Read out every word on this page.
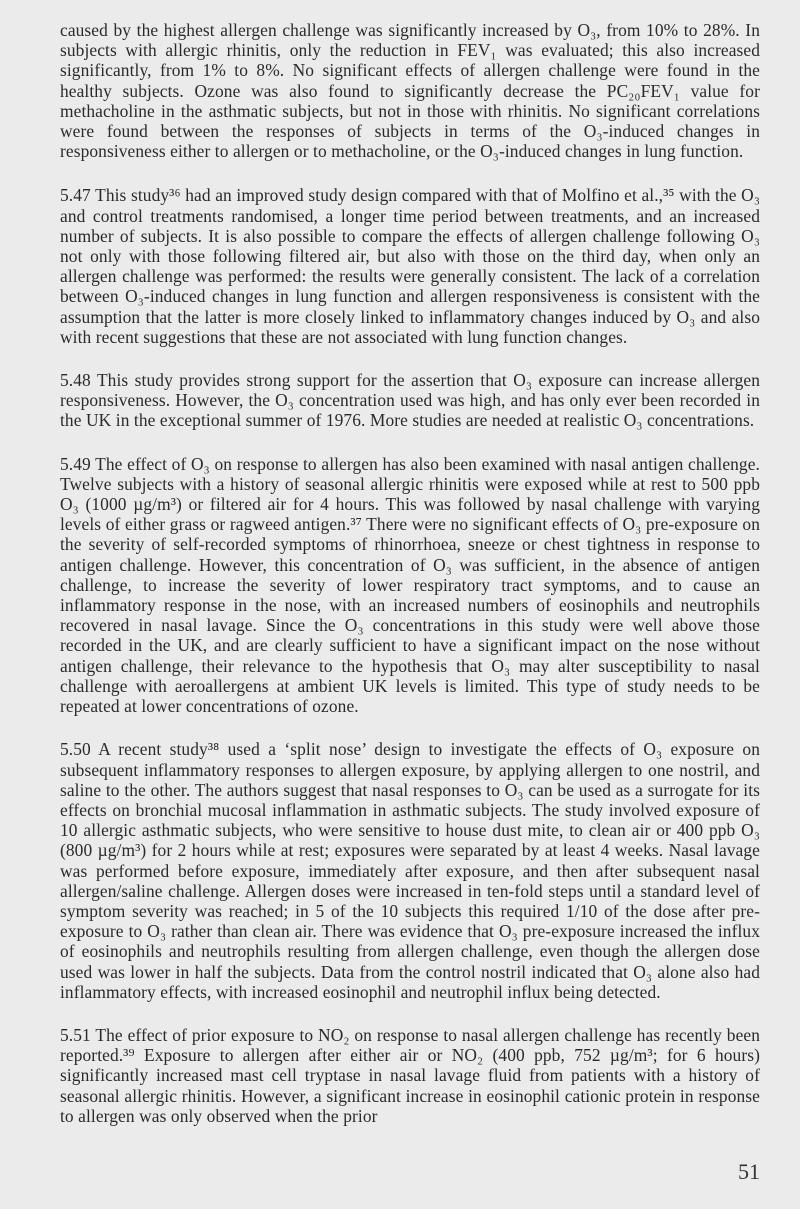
caused by the highest allergen challenge was significantly increased by O₃, from 10% to 28%. In subjects with allergic rhinitis, only the reduction in FEV₁ was evaluated; this also increased significantly, from 1% to 8%. No significant effects of allergen challenge were found in the healthy subjects. Ozone was also found to significantly decrease the PC₂₀FEV₁ value for methacholine in the asthmatic subjects, but not in those with rhinitis. No significant correlations were found between the responses of subjects in terms of the O₃-induced changes in responsiveness either to allergen or to methacholine, or the O₃-induced changes in lung function.

5.47 This study³⁶ had an improved study design compared with that of Molfino et al.,³⁵ with the O₃ and control treatments randomised, a longer time period between treatments, and an increased number of subjects. It is also possible to compare the effects of allergen challenge following O₃ not only with those following filtered air, but also with those on the third day, when only an allergen challenge was performed: the results were generally consistent. The lack of a correlation between O₃-induced changes in lung function and allergen responsiveness is consistent with the assumption that the latter is more closely linked to inflammatory changes induced by O₃ and also with recent suggestions that these are not associated with lung function changes.

5.48 This study provides strong support for the assertion that O₃ exposure can increase allergen responsiveness. However, the O₃ concentration used was high, and has only ever been recorded in the UK in the exceptional summer of 1976. More studies are needed at realistic O₃ concentrations.

5.49 The effect of O₃ on response to allergen has also been examined with nasal antigen challenge. Twelve subjects with a history of seasonal allergic rhinitis were exposed while at rest to 500 ppb O₃ (1000 µg/m³) or filtered air for 4 hours. This was followed by nasal challenge with varying levels of either grass or ragweed antigen.³⁷ There were no significant effects of O₃ pre-exposure on the severity of self-recorded symptoms of rhinorrhoea, sneeze or chest tightness in response to antigen challenge. However, this concentration of O₃ was sufficient, in the absence of antigen challenge, to increase the severity of lower respiratory tract symptoms, and to cause an inflammatory response in the nose, with an increased numbers of eosinophils and neutrophils recovered in nasal lavage. Since the O₃ concentrations in this study were well above those recorded in the UK, and are clearly sufficient to have a significant impact on the nose without antigen challenge, their relevance to the hypothesis that O₃ may alter susceptibility to nasal challenge with aeroallergens at ambient UK levels is limited. This type of study needs to be repeated at lower concentrations of ozone.

5.50 A recent study³⁸ used a ‘split nose’ design to investigate the effects of O₃ exposure on subsequent inflammatory responses to allergen exposure, by applying allergen to one nostril, and saline to the other. The authors suggest that nasal responses to O₃ can be used as a surrogate for its effects on bronchial mucosal inflammation in asthmatic subjects. The study involved exposure of 10 allergic asthmatic subjects, who were sensitive to house dust mite, to clean air or 400 ppb O₃ (800 µg/m³) for 2 hours while at rest; exposures were separated by at least 4 weeks. Nasal lavage was performed before exposure, immediately after exposure, and then after subsequent nasal allergen/saline challenge. Allergen doses were increased in ten-fold steps until a standard level of symptom severity was reached; in 5 of the 10 subjects this required 1/10 of the dose after pre-exposure to O₃ rather than clean air. There was evidence that O₃ pre-exposure increased the influx of eosinophils and neutrophils resulting from allergen challenge, even though the allergen dose used was lower in half the subjects. Data from the control nostril indicated that O₃ alone also had inflammatory effects, with increased eosinophil and neutrophil influx being detected.

5.51 The effect of prior exposure to NO₂ on response to nasal allergen challenge has recently been reported.³⁹ Exposure to allergen after either air or NO₂ (400 ppb, 752 µg/m³; for 6 hours) significantly increased mast cell tryptase in nasal lavage fluid from patients with a history of seasonal allergic rhinitis. However, a significant increase in eosinophil cationic protein in response to allergen was only observed when the prior

51
